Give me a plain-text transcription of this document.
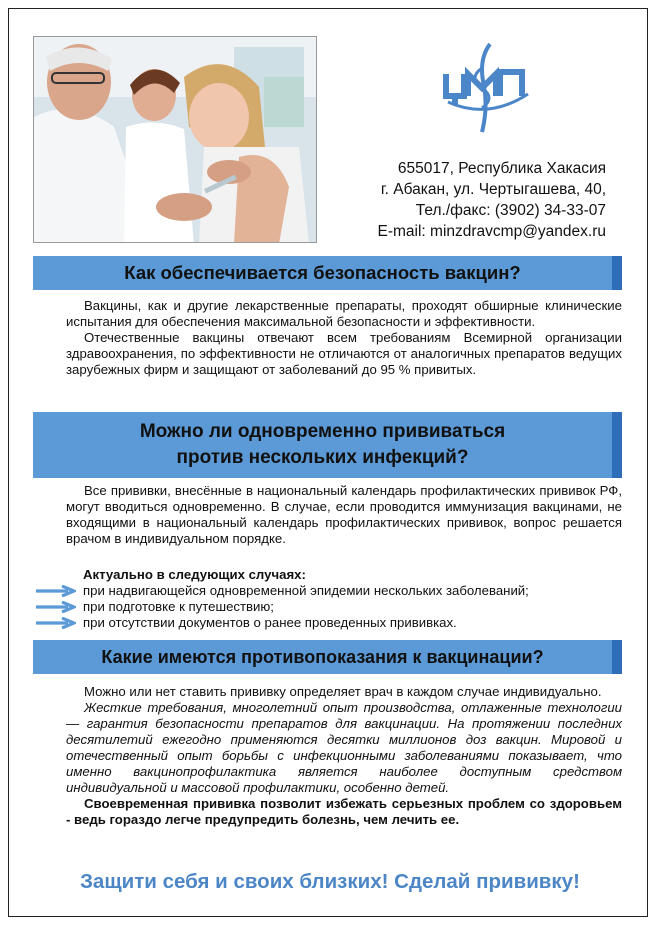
655017, Республика Хакасия
г. Абакан, ул. Чертыгашева, 40,
Тел./факс: (3902) 34-33-07
E-mail: minzdravcmp@yandex.ru
Как обеспечивается безопасность вакцин?

Вакцины, как и другие лекарственные препараты, проходят обширные клинические испытания для обеспечения максимальной безопасности и эффективности.

Отечественные вакцины отвечают всем требованиям Всемирной организации здравоохранения, по эффективности не отличаются от аналогичных препаратов ведущих зарубежных фирм и защищают от заболеваний до 95 % привитых.

Можно ли одновременно прививаться
против нескольких инфекций?

Все прививки, внесённые в национальный календарь профилактических прививок РФ, могут вводиться одновременно. В случае, если проводится иммунизация вакцинами, не входящими в национальный календарь профилактических прививок, вопрос решается врачом в индивидуальном порядке.

Актуально в следующих случаях:
при надвигающейся одновременной эпидемии нескольких заболеваний;
при подготовке к путешествию;
при отсутствии документов о ранее проведенных прививках.
Какие имеются противопоказания к вакцинации?

Можно или нет ставить прививку определяет врач в каждом случае индивидуально.

Жесткие требования, многолетний опыт производства, отлаженные технологии — гарантия безопасности препаратов для вакцинации. На протяжении последних десятилетий ежегодно применяются десятки миллионов доз вакцин. Мировой и отечественный опыт борьбы с инфекционными заболеваниями показывает, что именно вакцинопрофилактика является наиболее доступным средством индивидуальной и массовой профилактики, особенно детей.

Своевременная прививка позволит избежать серьезных проблем со здоровьем - ведь гораздо легче предупредить болезнь, чем лечить ее.

Защити себя и своих близких! Сделай прививку!
